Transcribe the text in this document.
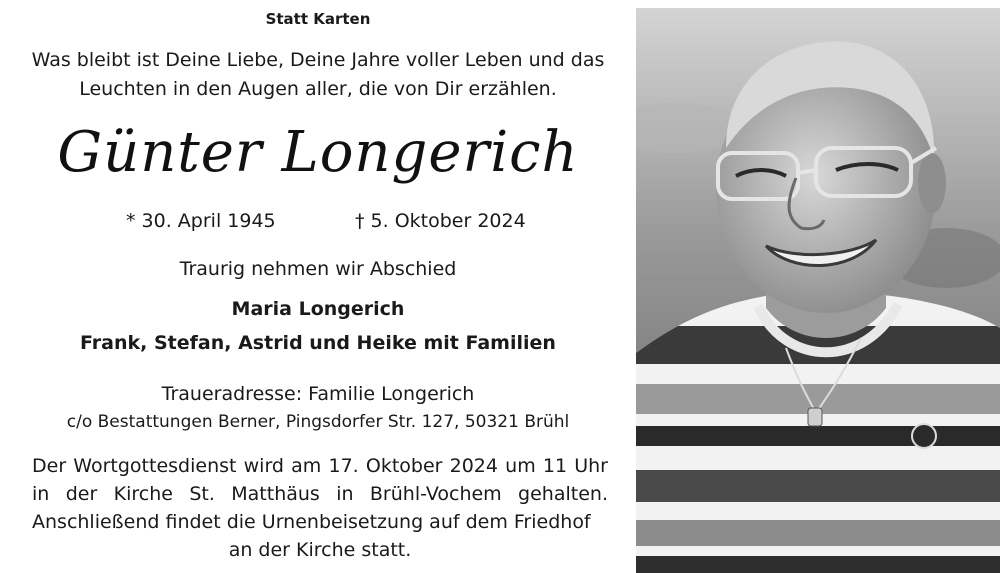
Statt Karten
Was bleibt ist Deine Liebe, Deine Jahre voller Leben und das
Leuchten in den Augen aller, die von Dir erzählen.
Günter Longerich
* 30. April 1945	† 5. Oktober 2024
Traurig nehmen wir Abschied
Maria Longerich
Frank, Stefan, Astrid und Heike mit Familien
Traueradresse: Familie Longerich
c/o Bestattungen Berner, Pingsdorfer Str. 127, 50321 Brühl
Der Wortgottesdienst wird am 17. Oktober 2024 um 11 Uhr in der Kirche St. Matthäus in Brühl-Vochem gehalten. Anschließend findet die Urnenbeisetzung auf dem Friedhof
an der Kirche statt.
